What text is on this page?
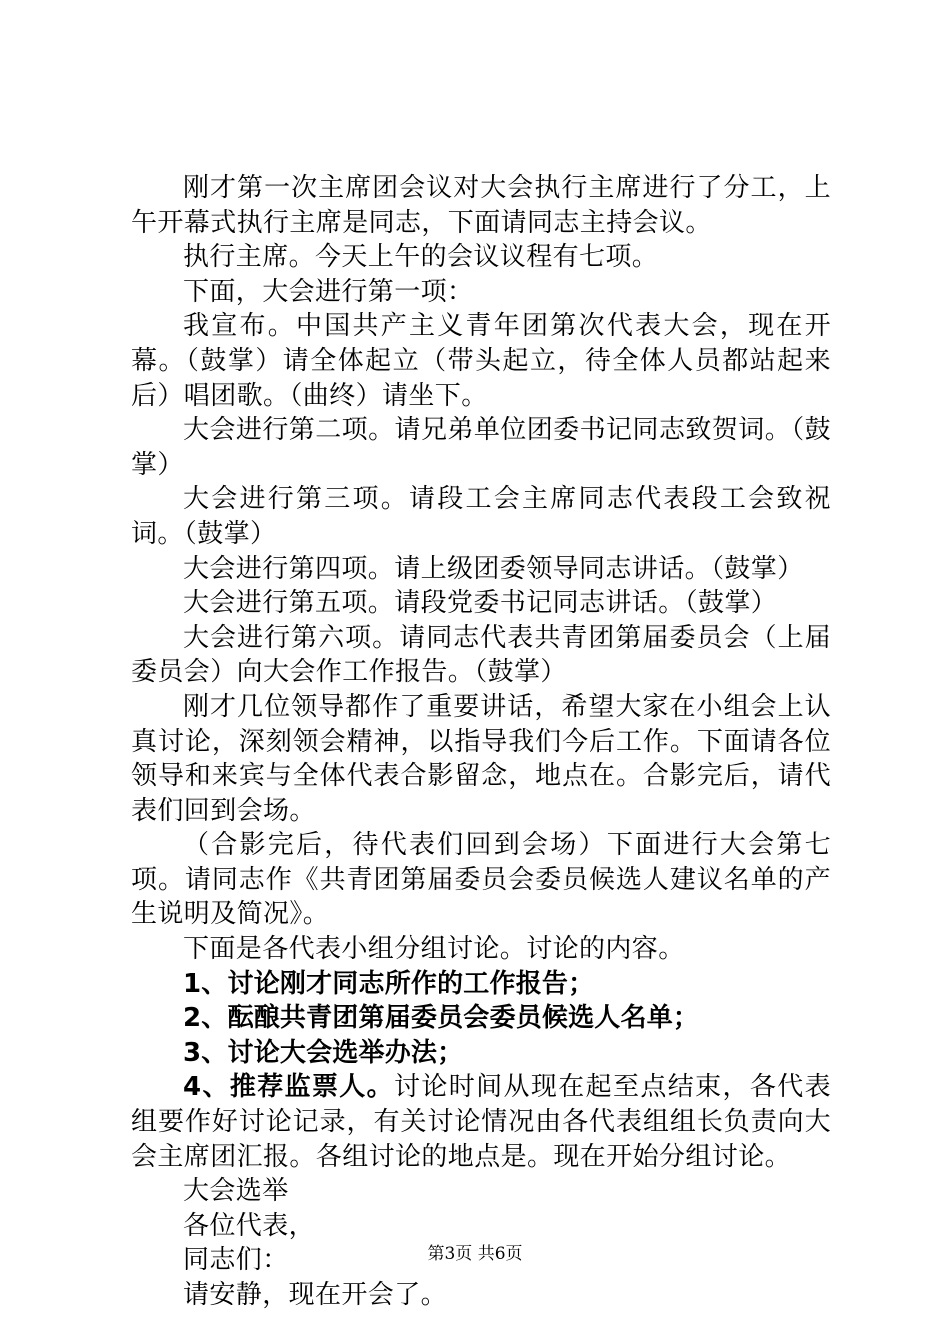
刚才第一次主席团会议对大会执行主席进行了分工，上午开幕式执行主席是同志，下面请同志主持会议。

执行主席。今天上午的会议议程有七项。

下面，大会进行第一项：

我宣布。中国共产主义青年团第次代表大会，现在开幕。（鼓掌）请全体起立（带头起立，待全体人员都站起来后）唱团歌。（曲终）请坐下。

大会进行第二项。请兄弟单位团委书记同志致贺词。（鼓掌）

大会进行第三项。请段工会主席同志代表段工会致祝词。（鼓掌）

大会进行第四项。请上级团委领导同志讲话。（鼓掌）

大会进行第五项。请段党委书记同志讲话。（鼓掌）

大会进行第六项。请同志代表共青团第届委员会（上届委员会）向大会作工作报告。（鼓掌）

刚才几位领导都作了重要讲话，希望大家在小组会上认真讨论，深刻领会精神，以指导我们今后工作。下面请各位领导和来宾与全体代表合影留念，地点在。合影完后，请代表们回到会场。

（合影完后，待代表们回到会场）下面进行大会第七项。请同志作《共青团第届委员会委员候选人建议名单的产生说明及简况》。

下面是各代表小组分组讨论。讨论的内容。

1、讨论刚才同志所作的工作报告；

2、酝酿共青团第届委员会委员候选人名单；

3、讨论大会选举办法；

4、推荐监票人。讨论时间从现在起至点结束，各代表组要作好讨论记录，有关讨论情况由各代表组组长负责向大会主席团汇报。各组讨论的地点是。现在开始分组讨论。

大会选举

各位代表，

同志们：

请安静，现在开会了。

第3页 共6页
